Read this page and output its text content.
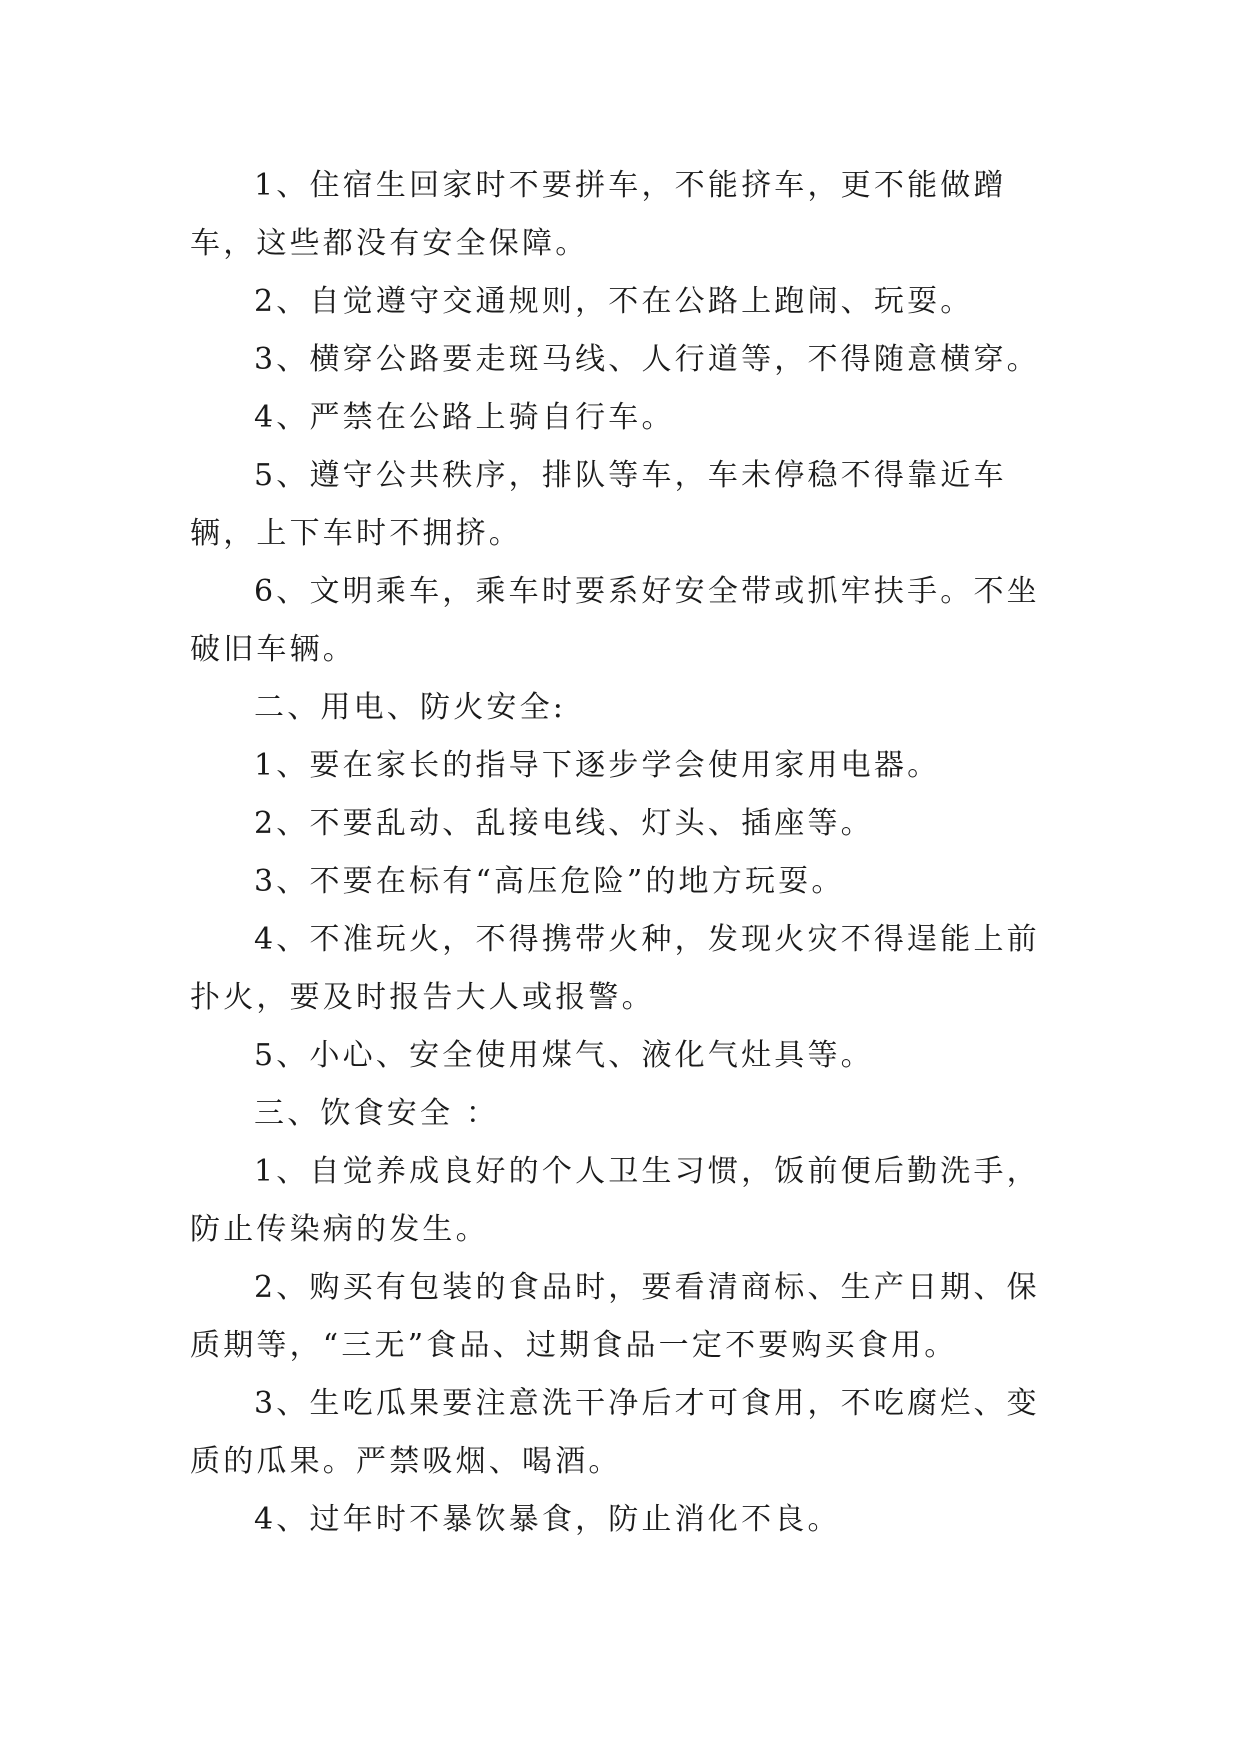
1、住宿生回家时不要拼车，不能挤车，更不能做蹭车，这些都没有安全保障。

2、自觉遵守交通规则，不在公路上跑闹、玩耍。

3、横穿公路要走斑马线、人行道等，不得随意横穿。

4、严禁在公路上骑自行车。

5、遵守公共秩序，排队等车，车未停稳不得靠近车辆，上下车时不拥挤。

6、文明乘车，乘车时要系好安全带或抓牢扶手。不坐破旧车辆。

二、用电、防火安全:

1、要在家长的指导下逐步学会使用家用电器。

2、不要乱动、乱接电线、灯头、插座等。

3、不要在标有“高压危险”的地方玩耍。

4、不准玩火，不得携带火种，发现火灾不得逞能上前扑火，要及时报告大人或报警。

5、小心、安全使用煤气、液化气灶具等。

三、饮食安全 ：

1、自觉养成良好的个人卫生习惯，饭前便后勤洗手，防止传染病的发生。

2、购买有包装的食品时，要看清商标、生产日期、保质期等，“三无”食品、过期食品一定不要购买食用。

3、生吃瓜果要注意洗干净后才可食用，不吃腐烂、变质的瓜果。严禁吸烟、喝酒。

4、过年时不暴饮暴食，防止消化不良。
